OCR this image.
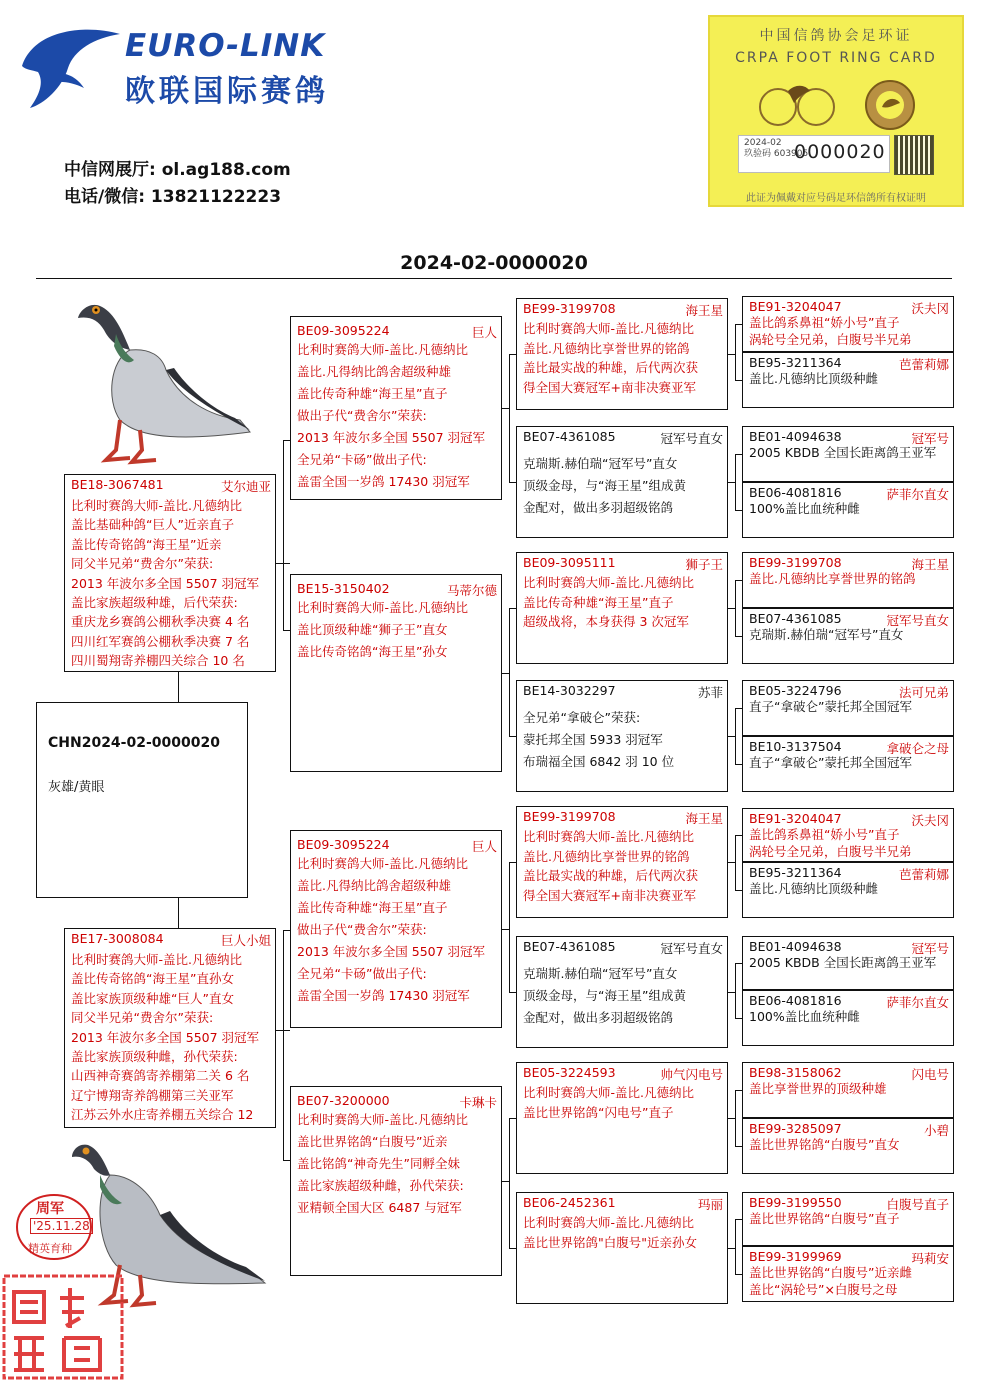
EURO-LINK
欧联国际赛鸽
中信网展厅: ol.ag188.com
电话/微信: 13821122223
中国信鸽协会足环证
CRPA FOOT RING CARD
2024-02
玖验码 603905
0000020
此证为佩戴对应号码足环信鸽所有权证明
2024-02-0000020
CHN2024-02-0000020
灰雄/黄眼
BE18-3067481	艾尔迪亚
比利时赛鸽大师-盖比.凡德纳比
盖比基础种鸽“巨人”近亲直子
盖比传奇铭鸽“海王星”近亲
同父半兄弟“费舍尔”荣获:
2013 年波尔多全国 5507 羽冠军
盖比家族超级种雄，后代荣获:
重庆龙乡赛鸽公棚秋季决赛 4 名
四川红军赛鸽公棚秋季决赛 7 名
四川蜀翔寄养棚四关综合 10 名
BE17-3008084	巨人小姐
比利时赛鸽大师-盖比.凡德纳比
盖比传奇铭鸽“海王星”直孙女
盖比家族顶级种雄“巨人”直女
同父半兄弟“费舍尔”荣获:
2013 年波尔多全国 5507 羽冠军
盖比家族顶级种雌，孙代荣获:
山西神奇赛鸽寄养棚第二关 6 名
辽宁博翔寄养鸽棚第三关亚军
江苏云外水庄寄养棚五关综合 12
BE09-3095224	巨人
比利时赛鸽大师-盖比.凡德纳比
盖比.凡得纳比鸽舍超级种雄
盖比传奇种雄“海王星”直子
做出子代“费舍尔”荣获:
2013 年波尔多全国 5507 羽冠军
全兄弟“卡砀”做出子代:
盖雷全国一岁鸽 17430 羽冠军
BE15-3150402	马蒂尔德
比利时赛鸽大师-盖比.凡德纳比
盖比顶级种雄“狮子王”直女
盖比传奇铭鸽“海王星”孙女
BE09-3095224	巨人
比利时赛鸽大师-盖比.凡德纳比
盖比.凡得纳比鸽舍超级种雄
盖比传奇种雄“海王星”直子
做出子代“费舍尔”荣获:
2013 年波尔多全国 5507 羽冠军
全兄弟“卡砀”做出子代:
盖雷全国一岁鸽 17430 羽冠军
BE07-3200000	卡琳卡
比利时赛鸽大师-盖比.凡德纳比
盖比世界铭鸽“白腹号”近亲
盖比铭鸽“神奇先生”同孵全妹
盖比家族超级种雌，孙代荣获:
亚精顿全国大区 6487 与冠军
BE99-3199708	海王星
比利时赛鸽大师-盖比.凡德纳比
盖比.凡德纳比享誉世界的铭鸽
盖比最实战的种雄，后代两次获
得全国大赛冠军+南非决赛亚军
BE07-4361085	冠军号直女
克瑞斯.赫伯瑞“冠军号”直女
顶级金母，与“海王星”组成黄
金配对，做出多羽超级铭鸽
BE09-3095111	狮子王
比利时赛鸽大师-盖比.凡德纳比
盖比传奇种雄“海王星”直子
超级战将，本身获得 3 次冠军
BE14-3032297	苏菲
全兄弟“拿破仑”荣获:
蒙托邦全国 5933 羽冠军
布瑞福全国 6842 羽 10 位
BE99-3199708	海王星
比利时赛鸽大师-盖比.凡德纳比
盖比.凡德纳比享誉世界的铭鸽
盖比最实战的种雄，后代两次获
得全国大赛冠军+南非决赛亚军
BE07-4361085	冠军号直女
克瑞斯.赫伯瑞“冠军号”直女
顶级金母，与“海王星”组成黄
金配对，做出多羽超级铭鸽
BE05-3224593	帅气闪电号
比利时赛鸽大师-盖比.凡德纳比
盖比世界铭鸽“闪电号”直子
BE06-2452361	玛丽
比利时赛鸽大师-盖比.凡德纳比
盖比世界铭鸽"白腹号"近亲孙女
BE91-3204047	沃夫冈
盖比鸽系鼻祖“娇小号”直子
涡轮号全兄弟，白腹号半兄弟
BE95-3211364	芭蕾莉娜
盖比.凡德纳比顶级种雌
BE01-4094638	冠军号
2005 KBDB 全国长距离鸽王亚军
BE06-4081816	萨菲尔直女
100%盖比血统种雌
BE99-3199708	海王星
盖比.凡德纳比享誉世界的铭鸽
BE07-4361085	冠军号直女
克瑞斯.赫伯瑞“冠军号”直女
BE05-3224796	法可兄弟
直子“拿破仑”蒙托邦全国冠军
BE10-3137504	拿破仑之母
直子“拿破仑”蒙托邦全国冠军
BE91-3204047	沃夫冈
盖比鸽系鼻祖“娇小号”直子
涡轮号全兄弟，白腹号半兄弟
BE95-3211364	芭蕾莉娜
盖比.凡德纳比顶级种雌
BE01-4094638	冠军号
2005 KBDB 全国长距离鸽王亚军
BE06-4081816	萨菲尔直女
100%盖比血统种雌
BE98-3158062	闪电号
盖比享誉世界的顶级种雄
BE99-3285097	小碧
盖比世界铭鸽“白腹号”直女
BE99-3199550	白腹号直子
盖比世界铭鸽“白腹号”直子
BE99-3199969	玛莉安
盖比世界铭鸽“白腹号”近亲雌
盖比“涡轮号”×白腹号之母
周军
'25.11.28
精英育种
